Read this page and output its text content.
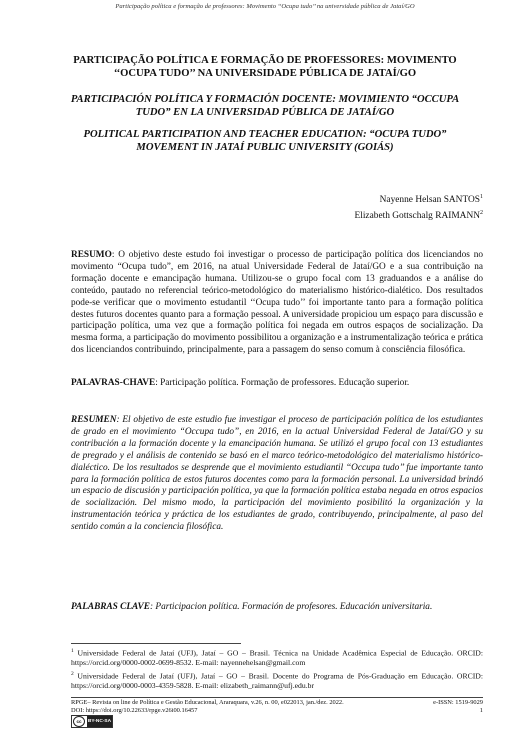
Participação política e formação de professores: Movimento ‘‘Ocupa tudo’’ na universidade pública de Jataí/GO
PARTICIPAÇÃO POLÍTICA E FORMAÇÃO DE PROFESSORES: MOVIMENTO ‘‘OCUPA TUDO’’ NA UNIVERSIDADE PÚBLICA DE JATAÍ/GO
PARTICIPACIÓN POLÍTICA Y FORMACIÓN DOCENTE: MOVIMIENTO “OCCUPA TUDO” EN LA UNIVERSIDAD PÚBLICA DE JATAÍ/GO
POLITICAL PARTICIPATION AND TEACHER EDUCATION: “OCUPA TUDO” MOVEMENT IN JATAÍ PUBLIC UNIVERSITY (GOIÁS)
Nayenne Helsan SANTOS$^1$
Elizabeth Gottschalg RAIMANN$^2$

RESUMO: O objetivo deste estudo foi investigar o processo de participação política dos licenciandos no movimento “Ocupa tudo”, em 2016, na atual Universidade Federal de Jataí/GO e a sua contribuição na formação docente e emancipação humana. Utilizou-se o grupo focal com 13 graduandos e a análise do conteúdo, pautado no referencial teórico-metodológico do materialismo histórico-dialético. Dos resultados pode-se verificar que o movimento estudantil ‘‘Ocupa tudo’’ foi importante tanto para a formação política destes futuros docentes quanto para a formação pessoal. A universidade propiciou um espaço para discussão e participação política, uma vez que a formação política foi negada em outros espaços de socialização. Da mesma forma, a participação do movimento possibilitou a organização e a instrumentalização teórica e prática dos licenciandos contribuindo, principalmente, para a passagem do senso comum à consciência filosófica.

PALAVRAS-CHAVE: Participação política. Formação de professores. Educação superior.

RESUMEN: El objetivo de este estudio fue investigar el proceso de participación política de los estudiantes de grado en el movimiento “Occupa tudo”, en 2016, en la actual Universidad Federal de Jataí/GO y su contribución a la formación docente y la emancipación humana. Se utilizó el grupo focal con 13 estudiantes de pregrado y el análisis de contenido se basó en el marco teórico-metodológico del materialismo histórico-dialéctico. De los resultados se desprende que el movimiento estudiantil ‘‘Occupa tudo’’ fue importante tanto para la formación política de estos futuros docentes como para la formación personal. La universidad brindó un espacio de discusión y participación política, ya que la formación política estaba negada en otros espacios de socialización. Del mismo modo, la participación del movimiento posibilitó la organización y la instrumentación teórica y práctica de los estudiantes de grado, contribuyendo, principalmente, al paso del sentido común a la conciencia filosófica.

PALABRAS CLAVE: Participacion política. Formación de profesores. Educación universitaria.

$^1$ Universidade Federal de Jataí (UFJ), Jataí – GO – Brasil. Técnica na Unidade Acadêmica Especial de Educação. ORCID: https://orcid.org/0000-0002-0699-8532. E-mail: nayennehelsan@gmail.com

$^2$ Universidade Federal de Jataí (UFJ), Jataí – GO – Brasil. Docente do Programa de Pós-Graduação em Educação. ORCID: https://orcid.org/0000-0003-4359-5828. E-mail: elizabeth_raimann@ufj.edu.br

RPGE– Revista on line de Política e Gestão Educacional, Araraquara, v.26, n. 00, e022013, jan./dez. 2022.	e-ISSN: 1519-9029
DOI: https://doi.org/10.22633/rpge.v26i00.16457	1
cc	BY-NC-SA
